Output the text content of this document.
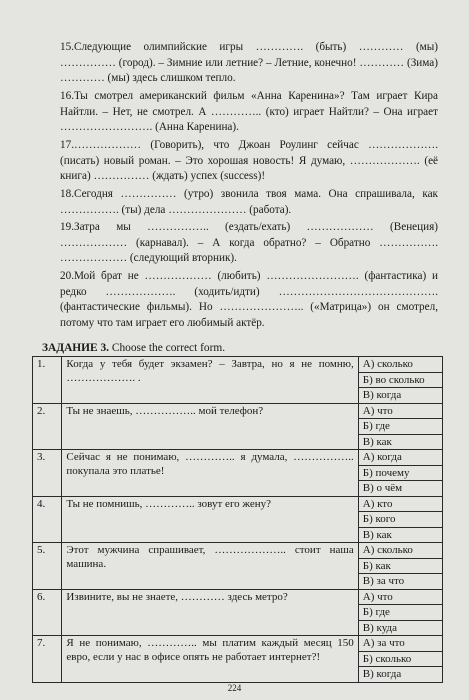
15.Следующие олимпийские игры …………. (быть) ………… (мы) …………… (город). – Зимние или летние? – Летние, конечно! ………… (Зима) ………… (мы) здесь слишком тепло.
16.Ты смотрел американский фильм «Анна Каренина»? Там играет Кира Найтли. – Нет, не смотрел. А ………….. (кто) играет Найтли? – Она играет ……………………. (Анна Каренина).
17.……………… (Говорить), что Джоан Роулинг сейчас ………………. (писать) новый роман. – Это хорошая новость! Я думаю, ………………. (её книга) …………… (ждать) успех (success)!
18.Сегодня …………… (утро) звонила твоя мама. Она спрашивала, как ……………. (ты) дела ………………… (работа).
19.Затра мы …………….. (ездать/ехать) ……………… (Венеция) ……………… (карнавал). – А когда обратно? – Обратно ……………. ……………… (следующий вторник).
20.Мой брат не ……………… (любить) ……………………. (фантастика) и редко ………………. (ходить/идти) ……………………………………. (фантастические фильмы). Но ………………….. («Матрица») он смотрел, потому что там играет его любимый актёр.
ЗАДАНИЕ 3. Choose the correct form.
1.	Когда у тебя будет экзамен? – Завтра, но я не помню, ………………. .	А) сколько
		Б) во сколько
		В) когда
2.	Ты не знаешь, …………….. мой телефон?	А) что
		Б) где
		В) как
3.	Сейчас я не понимаю, ………….. я думала, …………….. покупала это платье!	А) когда
		Б) почему
		В) о чём
4.	Ты не помнишь, ………….. зовут его жену?	А) кто
		Б) кого
		В) как
5.	Этот мужчина спрашивает, ……………….. стоит наша машина.	А) сколько
		Б) как
		В) за что
6.	Извините, вы не знаете, ………… здесь метро?	А) что
		Б) где
		В) куда
7.	Я не понимаю, ………….. мы платим каждый месяц 150 евро, если у нас в офисе опять не работает интернет?!	А) за что
		Б) сколько
		В) когда
224
